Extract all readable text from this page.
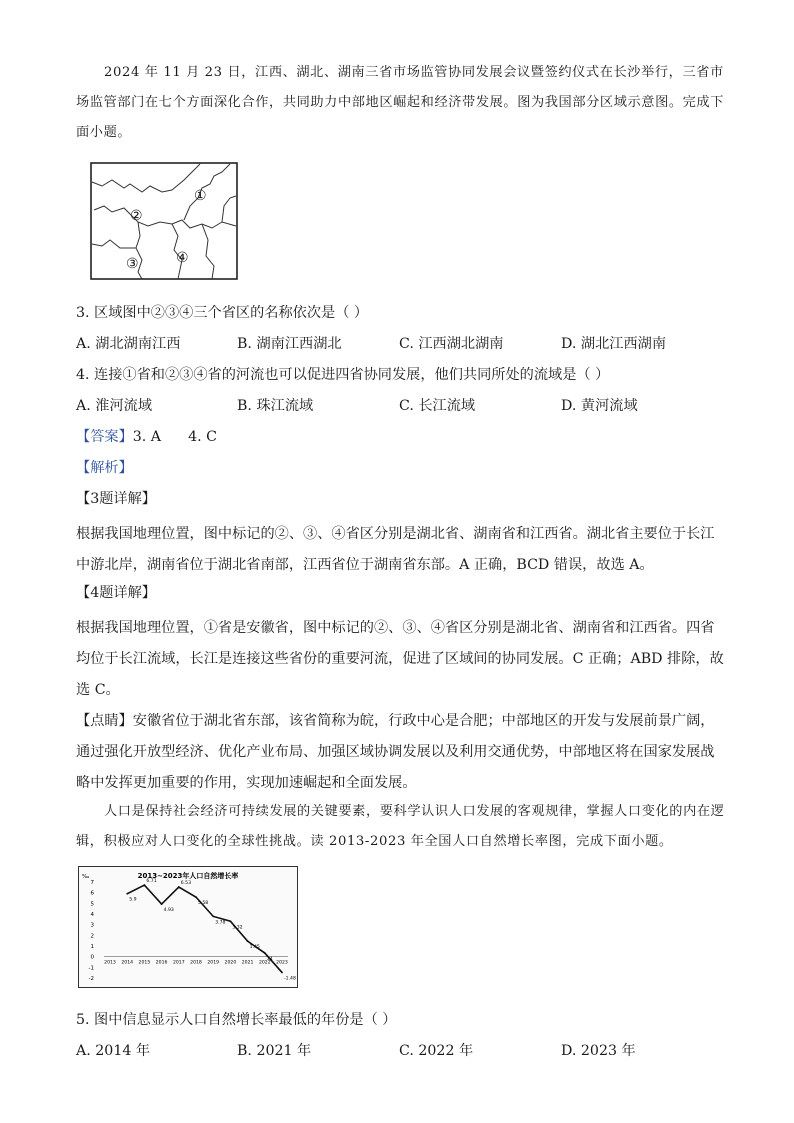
2024 年 11 月 23 日，江西、湖北、湖南三省市场监管协同发展会议暨签约仪式在长沙举行，三省市场监管部门在七个方面深化合作，共同助力中部地区崛起和经济带发展。图为我国部分区域示意图。完成下面小题。

①
②
③	④

3. 区域图中②③④三个省区的名称依次是（ ）

A. 湖北湖南江西	B. 湖南江西湖北	C. 江西湖北湖南	D. 湖北江西湖南

4. 连接①省和②③④省的河流也可以促进四省协同发展，他们共同所处的流域是（ ）

A. 淮河流域	B. 珠江流域	C. 长江流域	D. 黄河流域
【答案】3. A      4. C
【解析】
【3题详解】

根据我国地理位置，图中标记的②、③、④省区分别是湖北省、湖南省和江西省。湖北省主要位于长江中游北岸，湖南省位于湖北省南部，江西省位于湖南省东部。A 正确，BCD 错误，故选 A。

【4题详解】

根据我国地理位置，①省是安徽省，图中标记的②、③、④省区分别是湖北省、湖南省和江西省。四省均位于长江流域，长江是连接这些省份的重要河流，促进了区域间的协同发展。C 正确；ABD 排除，故选 C。

【点睛】安徽省位于湖北省东部，该省简称为皖，行政中心是合肥；中部地区的开发与发展前景广阔，通过强化开放型经济、优化产业布局、加强区域协调发展以及利用交通优势，中部地区将在国家发展战略中发挥更加重要的作用，实现加速崛起和全面发展。

人口是保持社会经济可持续发展的关键要素，要科学认识人口发展的客观规律，掌握人口变化的内在逻辑，积极应对人口变化的全球性挑战。读 2013-2023 年全国人口自然增长率图，完成下面小题。

2013~2023年人口自然增长率
‰
7
6
5
4
3
2
1
0
-1
-2
2013 2014 2015 2016 2017 2018 2019 2020 2021 2022 2023
5.9
6.71
4.93
6.53
5.58
3.78
3.32
1.45
34
-1.48

5. 图中信息显示人口自然增长率最低的年份是（ ）

A. 2014 年	B. 2021 年	C. 2022 年	D. 2023 年
